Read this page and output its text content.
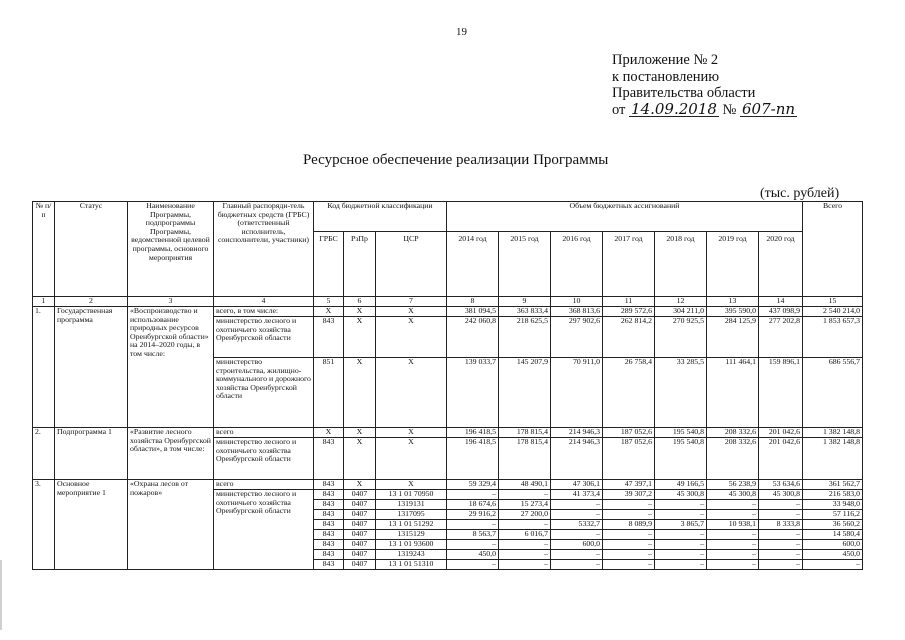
19
Приложение № 2
к постановлению
Правительства области
от 14.09.2018 № 607-пп
Ресурсное обеспечение реализации Программы
(тыс. рублей)
№ п/п	Статус	Наименование Программы, подпрограммы Программы, ведомственной целевой программы, основного мероприятия	Главный распоряди-тель бюджетных средств (ГРБС) (ответственный исполнитель, соисполнители, участники)	Код бюджетной классификации			Объем бюджетных ассигнований							Всего
				ГРБС	РзПр	ЦСР	2014 год	2015 год	2016 год	2017 год	2018 год	2019 год	2020 год	
1	2	3	4	5	6	7	8	9	10	11	12	13	14	15
1.	Государственная программа	«Воспроизводство и использование природных ресурсов Оренбургской области» на 2014–2020 годы, в том числе:	всего, в том числе:	Х	Х	Х	381 094,5	363 833,4	368 813,6	289 572,6	304 211,0	395 590,0	437 098,9	2 540 214,0
			министерство лесного и охотничьего хозяйства Оренбургской области	843	Х	Х	242 060,8	218 625,5	297 902,6	262 814,2	270 925,5	284 125,9	277 202,8	1 853 657,3
			министерство строительства, жилищно-коммунального и дорожного хозяйства Оренбургской области	851	Х	Х	139 033,7	145 207,9	70 911,0	26 758,4	33 285,5	111 464,1	159 896,1	686 556,7
2.	Подпрограмма 1	«Развитие лесного хозяйства Оренбургской области», в том числе:	всего	Х	Х	Х	196 418,5	178 815,4	214 946,3	187 052,6	195 540,8	208 332,6	201 042,6	1 382 148,8
			министерство лесного и охотничьего хозяйства Оренбургской области	843	Х	Х	196 418,5	178 815,4	214 946,3	187 052,6	195 540,8	208 332,6	201 042,6	1 382 148,8
3.	Основное мероприятие 1	«Охрана лесов от пожаров»	всего	843	Х	Х	59 329,4	48 490,1	47 306,1	47 397,1	49 166,5	56 238,9	53 634,6	361 562,7
			министерство лесного и охотничьего хозяйства Оренбургской области	843	0407	13 1 01 70950	–	–	41 373,4	39 307,2	45 300,8	45 300,8	45 300,8	216 583,0
				843	0407	1319131	18 674,6	15 273,4	–	–	–	–	–	33 948,0
				843	0407	1317095	29 916,2	27 200,0	–	–	–	–	–	57 116,2
				843	0407	13 1 01 51292	–	–	5332,7	8 089,9	3 865,7	10 938,1	8 333,8	36 560,2
				843	0407	1315129	8 563,7	6 016,7	–	–	–	–	–	14 580,4
				843	0407	13 1 01 93600	–	–	600,0	–	–	–	–	600,0
				843	0407	1319243	450,0	–	–	–	–	–	–	450,0
				843	0407	13 1 01 51310	–	–	–	–	–	–	–	–
